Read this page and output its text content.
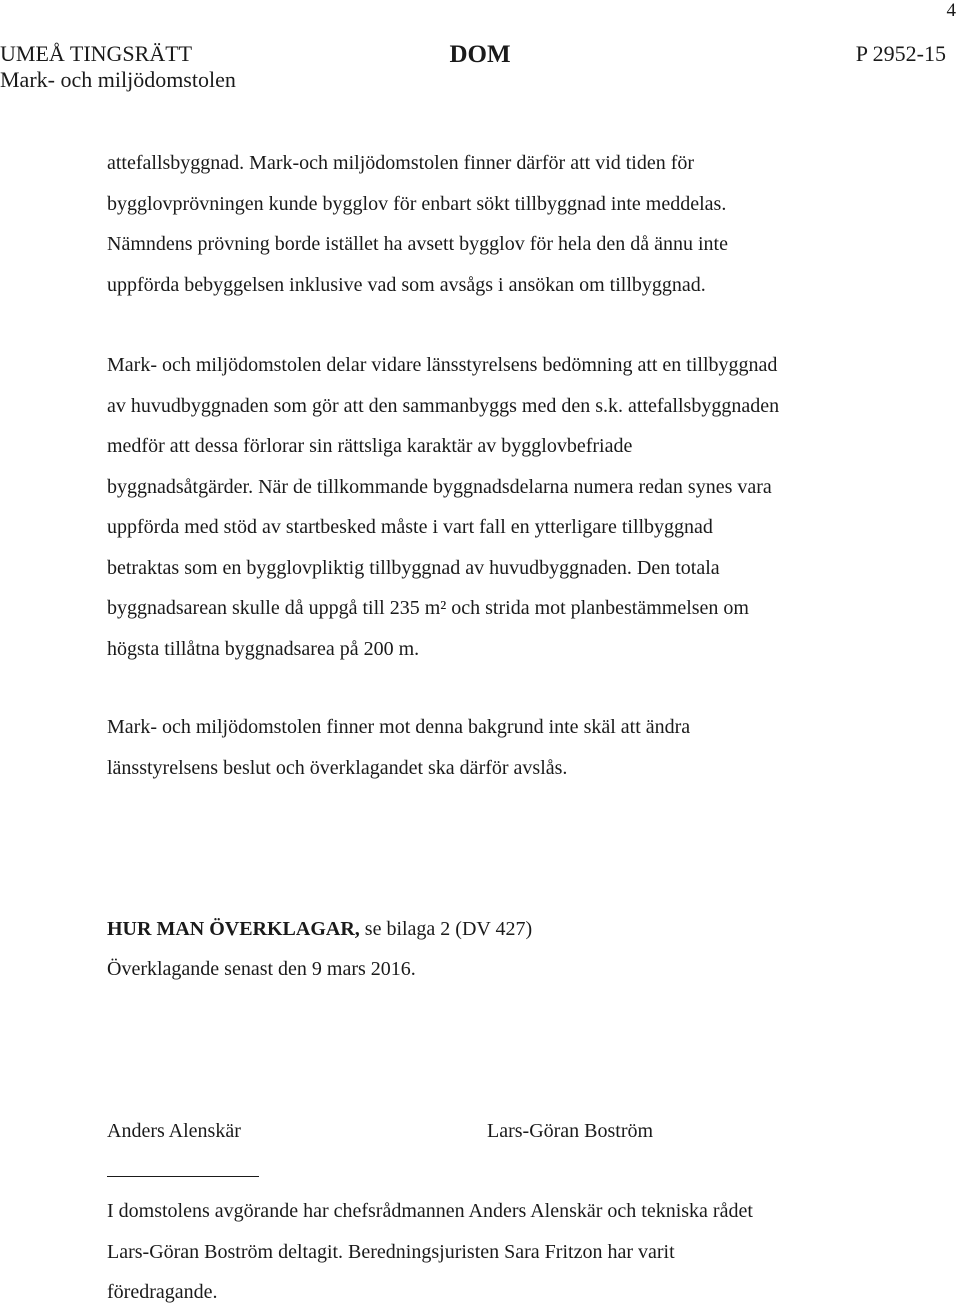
4
UMEÅ TINGSRÄTT
Mark- och miljödomstolen
DOM	P 2952-15

attefallsbyggnad. Mark-och miljödomstolen finner därför att vid tiden för

bygglovprövningen kunde bygglov för enbart sökt tillbyggnad inte meddelas.

Nämndens prövning borde istället ha avsett bygglov för hela den då ännu inte

uppförda bebyggelsen inklusive vad som avsågs i ansökan om tillbyggnad.

Mark- och miljödomstolen delar vidare länsstyrelsens bedömning att en tillbyggnad

av huvudbyggnaden som gör att den sammanbyggs med den s.k. attefallsbyggnaden

medför att dessa förlorar sin rättsliga karaktär av bygglovbefriade

byggnadsåtgärder. När de tillkommande byggnadsdelarna numera redan synes vara

uppförda med stöd av startbesked måste i vart fall en ytterligare tillbyggnad

betraktas som en bygglovpliktig tillbyggnad av huvudbyggnaden. Den totala

byggnadsarean skulle då uppgå till 235 m² och strida mot planbestämmelsen om

högsta tillåtna byggnadsarea på 200 m.

Mark- och miljödomstolen finner mot denna bakgrund inte skäl att ändra

länsstyrelsens beslut och överklagandet ska därför avslås.

HUR MAN ÖVERKLAGAR, se bilaga 2 (DV 427)
Överklagande senast den 9 mars 2016.
Anders Alenskär	Lars-Göran Boström

I domstolens avgörande har chefsrådmannen Anders Alenskär och tekniska rådet

Lars-Göran Boström deltagit. Beredningsjuristen Sara Fritzon har varit

föredragande.
